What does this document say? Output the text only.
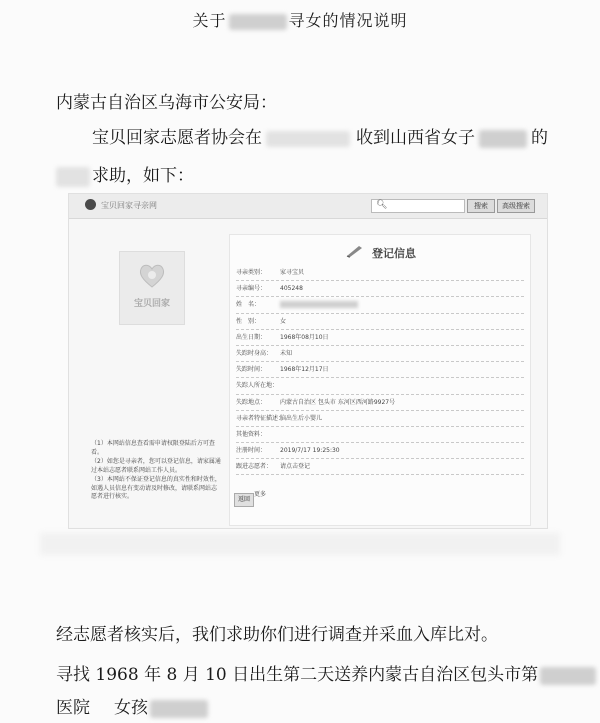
关于	寻女的情况说明
内蒙古自治区乌海市公安局：
宝贝回家志愿者协会在	收到山西省女子	的
求助，如下：
宝贝回家寻亲网	🔍︎	搜索	高级搜索
宝贝回家
（1）本网站信息查看需申请权限登陆后方可查看。
（2）如您是寻亲者，您可以登记信息，请家属通过本站志愿者联系网站工作人员。
（3）本网站不保证登记信息的真实性和时效性，如遇人员信息有变动请及时修改，请联系网站志愿者进行核实。
登记信息
寻亲类别： 家寻宝贝
寻亲编号： 405248
姓　名：
性　别：	女
出生日期： 1968年08月10日
失踪时身高： 未知
失踪时间： 1968年12月17日
失踪人所在地：
失踪地点： 内蒙古自治区 包头市 东河区西河路9927号
寻亲者特征描述：
脑出生后小婴儿
其他资料：
注册时间： 2019/7/17 19:25:30
跟进志愿者： 请点击登记
返回
更多
经志愿者核实后，我们求助你们进行调查并采血入库比对。
寻找 1968 年 8 月 10 日出生第二天送养内蒙古自治区包头市第
医院 女孩
